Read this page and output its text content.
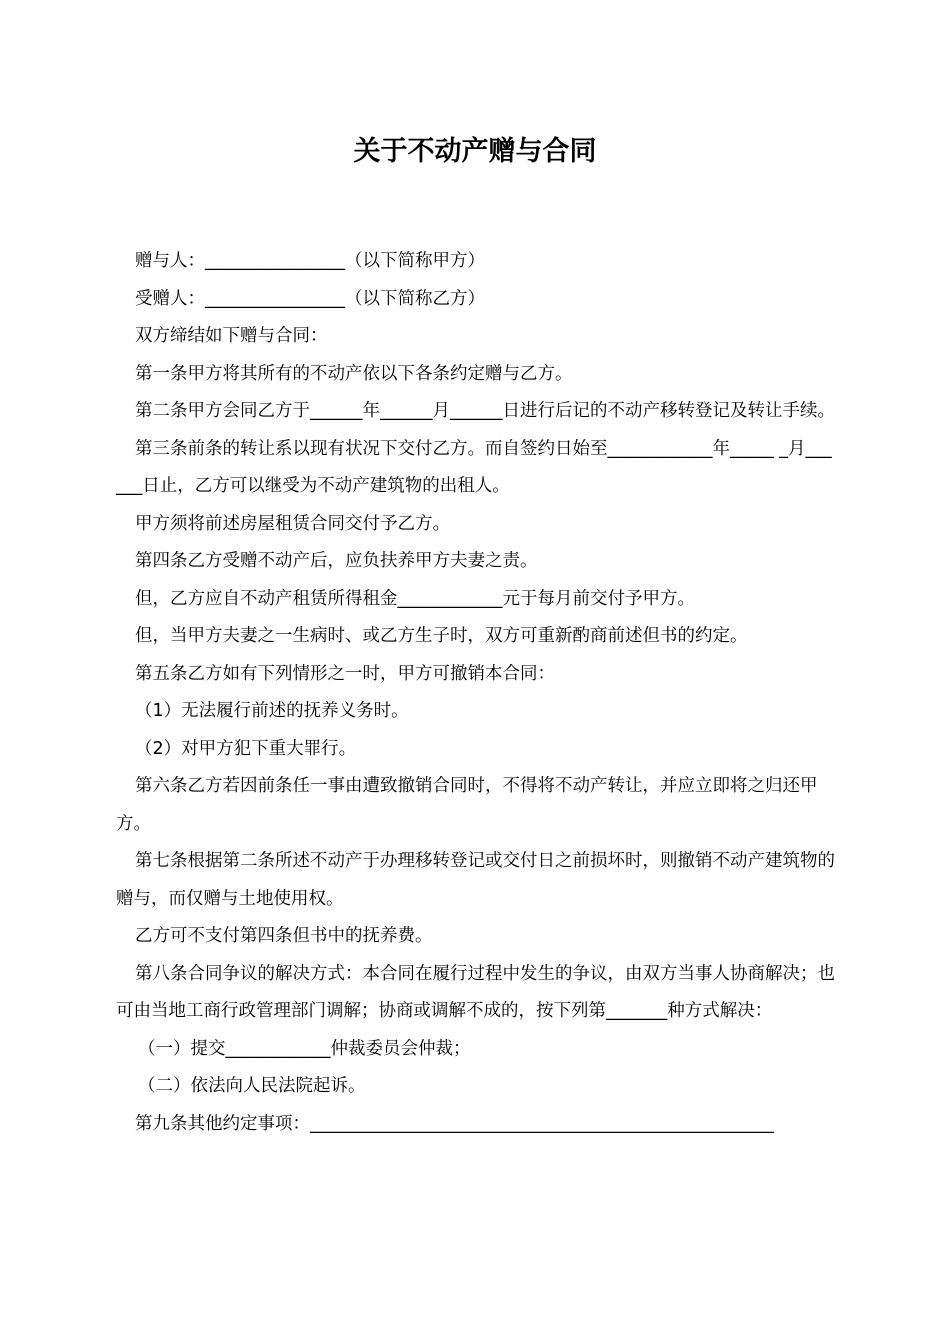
关于不动产赠与合同

赠与人：________________（以下简称甲方）

受赠人：________________（以下简称乙方）

双方缔结如下赠与合同：

第一条甲方将其所有的不动产依以下各条约定赠与乙方。

第二条甲方会同乙方于______年______月______日进行后记的不动产移转登记及转让手续。

第三条前条的转让系以现有状况下交付乙方。而自签约日始至____________年_____ _月______日止，乙方可以继受为不动产建筑物的出租人。

甲方须将前述房屋租赁合同交付予乙方。

第四条乙方受赠不动产后，应负扶养甲方夫妻之责。

但，乙方应自不动产租赁所得租金____________元于每月前交付予甲方。

但，当甲方夫妻之一生病时、或乙方生子时，双方可重新酌商前述但书的约定。

第五条乙方如有下列情形之一时，甲方可撤销本合同：

（1）无法履行前述的抚养义务时。

（2）对甲方犯下重大罪行。

第六条乙方若因前条任一事由遭致撤销合同时，不得将不动产转让，并应立即将之归还甲方。

第七条根据第二条所述不动产于办理移转登记或交付日之前损坏时，则撤销不动产建筑物的赠与，而仅赠与土地使用权。

乙方可不支付第四条但书中的抚养费。

第八条合同争议的解决方式：本合同在履行过程中发生的争议，由双方当事人协商解决；也可由当地工商行政管理部门调解；协商或调解不成的，按下列第_______种方式解决：

（一）提交____________仲裁委员会仲裁；

（二）依法向人民法院起诉。

第九条其他约定事项：_____________________________________________________
